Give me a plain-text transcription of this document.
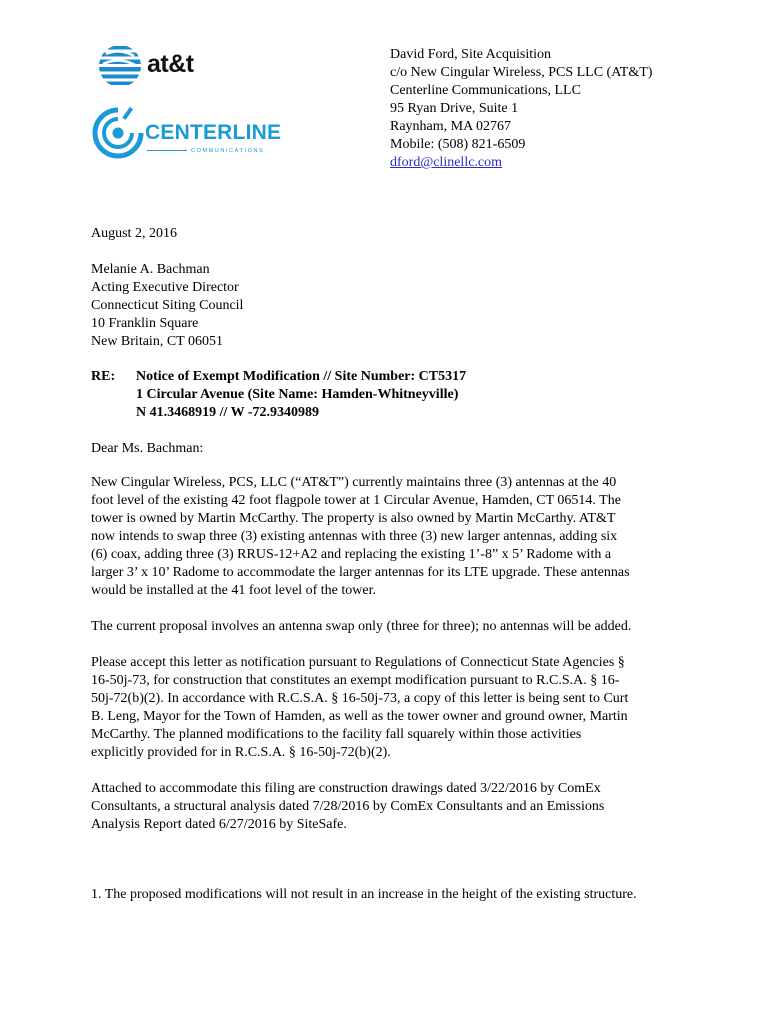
at&t
CENTERLINE
COMMUNICATIONS
David Ford, Site Acquisition
c/o New Cingular Wireless, PCS LLC (AT&T)
Centerline Communications, LLC
95 Ryan Drive, Suite 1
Raynham, MA 02767
Mobile: (508) 821-6509
dford@clinellc.com
August 2, 2016
Melanie A. Bachman
Acting Executive Director
Connecticut Siting Council
10 Franklin Square
New Britain, CT 06051
RE: Notice of Exempt Modification // Site Number: CT5317
1 Circular Avenue (Site Name: Hamden-Whitneyville)
N 41.3468919 // W -72.9340989
Dear Ms. Bachman:
New Cingular Wireless, PCS, LLC (“AT&T”) currently maintains three (3) antennas at the 40
foot level of the existing 42 foot flagpole tower at 1 Circular Avenue, Hamden, CT 06514. The
tower is owned by Martin McCarthy. The property is also owned by Martin McCarthy. AT&T
now intends to swap three (3) existing antennas with three (3) new larger antennas, adding six
(6) coax, adding three (3) RRUS-12+A2 and replacing the existing 1’-8” x 5’ Radome with a
larger 3’ x 10’ Radome to accommodate the larger antennas for its LTE upgrade. These antennas
would be installed at the 41 foot level of the tower.
The current proposal involves an antenna swap only (three for three); no antennas will be added.
Please accept this letter as notification pursuant to Regulations of Connecticut State Agencies §
16-50j-73, for construction that constitutes an exempt modification pursuant to R.C.S.A. § 16-
50j-72(b)(2). In accordance with R.C.S.A. § 16-50j-73, a copy of this letter is being sent to Curt
B. Leng, Mayor for the Town of Hamden, as well as the tower owner and ground owner, Martin
McCarthy. The planned modifications to the facility fall squarely within those activities
explicitly provided for in R.C.S.A. § 16-50j-72(b)(2).
Attached to accommodate this filing are construction drawings dated 3/22/2016 by ComEx
Consultants, a structural analysis dated 7/28/2016 by ComEx Consultants and an Emissions
Analysis Report dated 6/27/2016 by SiteSafe.
1. The proposed modifications will not result in an increase in the height of the existing structure.
